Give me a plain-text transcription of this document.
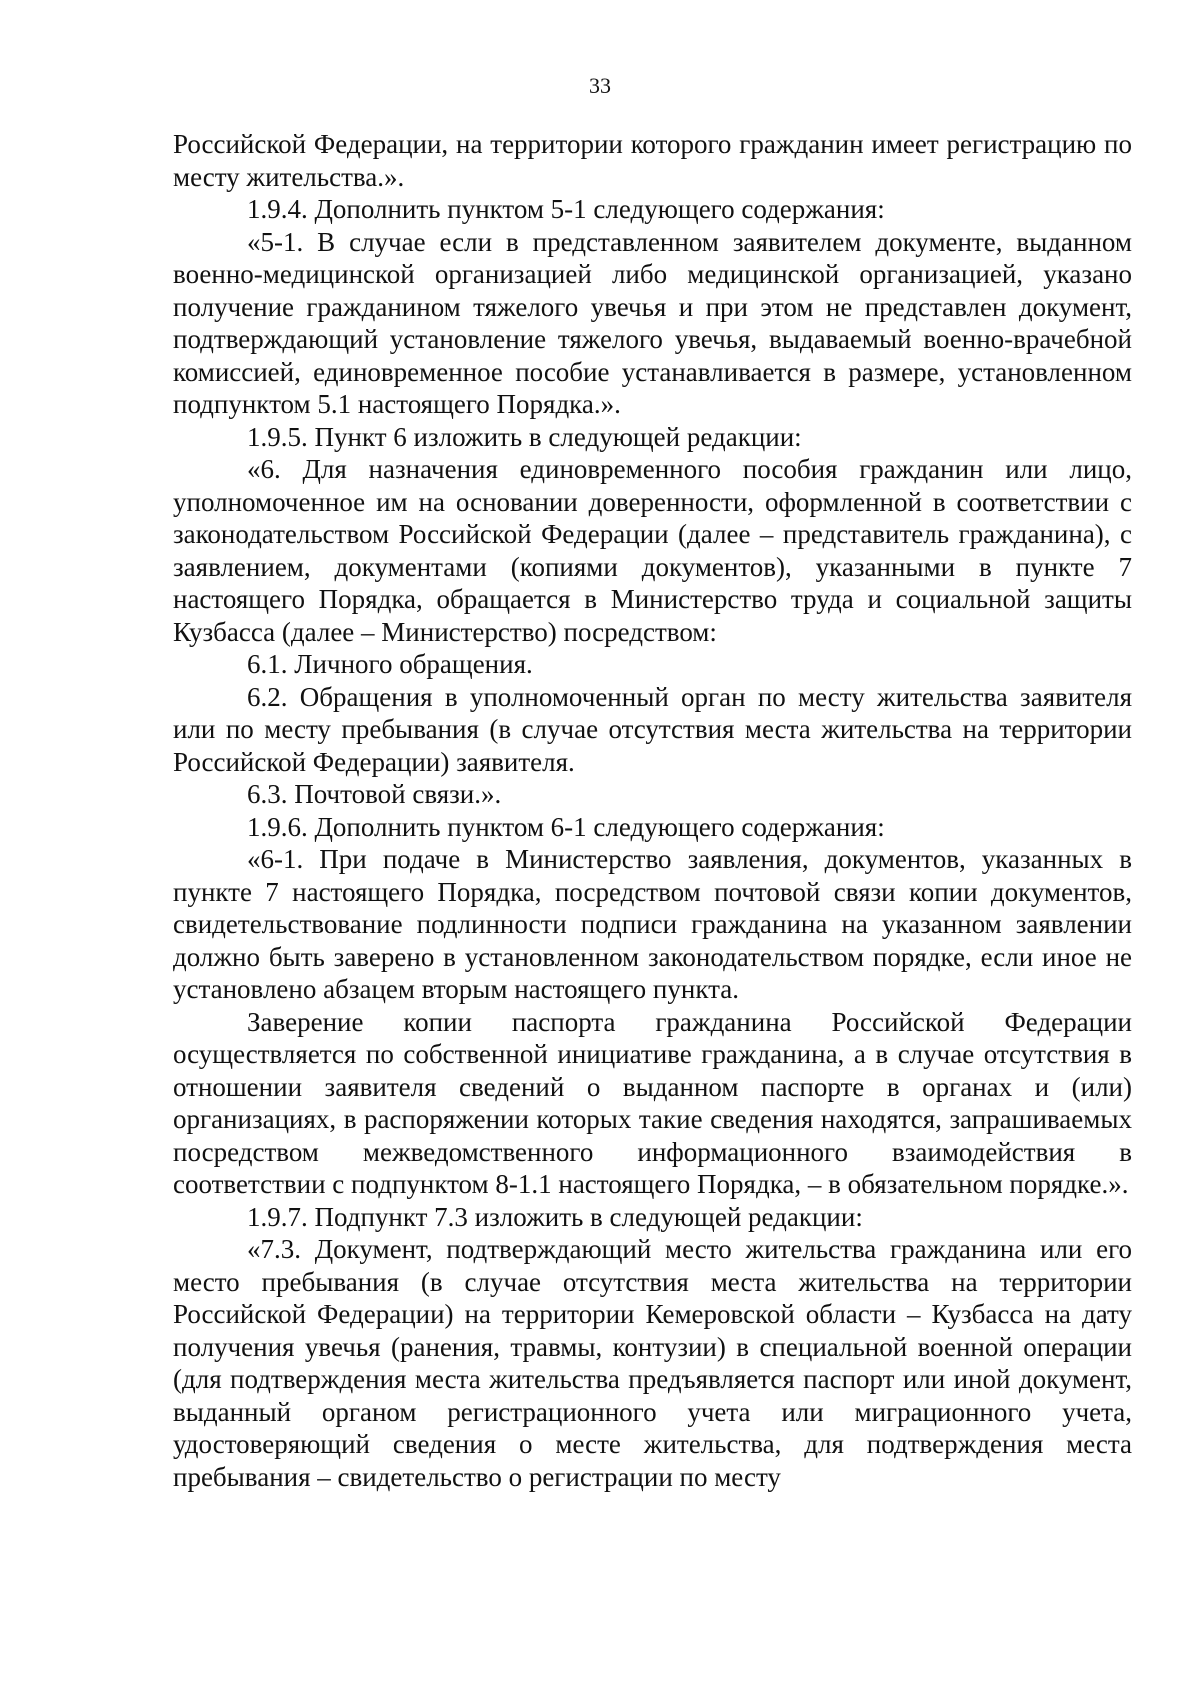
33

Российской Федерации, на территории которого гражданин имеет регистрацию по месту жительства.».

1.9.4. Дополнить пунктом 5-1 следующего содержания:

«5-1. В случае если в представленном заявителем документе, выданном военно-медицинской организацией либо медицинской организацией, указано получение гражданином тяжелого увечья и при этом не представлен документ, подтверждающий установление тяжелого увечья, выдаваемый военно-врачебной комиссией, единовременное пособие устанавливается в размере, установленном подпунктом 5.1 настоящего Порядка.».

1.9.5. Пункт 6 изложить в следующей редакции:

«6. Для назначения единовременного пособия гражданин или лицо, уполномоченное им на основании доверенности, оформленной в соответствии с законодательством Российской Федерации (далее – представитель гражданина), с заявлением, документами (копиями документов), указанными в пункте 7 настоящего Порядка, обращается в Министерство труда и социальной защиты Кузбасса (далее – Министерство) посредством:

6.1. Личного обращения.

6.2. Обращения в уполномоченный орган по месту жительства заявителя или по месту пребывания (в случае отсутствия места жительства на территории Российской Федерации) заявителя.

6.3. Почтовой связи.».

1.9.6. Дополнить пунктом 6-1 следующего содержания:

«6-1. При подаче в Министерство заявления, документов, указанных в пункте 7 настоящего Порядка, посредством почтовой связи копии документов, свидетельствование подлинности подписи гражданина на указанном заявлении должно быть заверено в установленном законодательством порядке, если иное не установлено абзацем вторым настоящего пункта.

Заверение копии паспорта гражданина Российской Федерации осуществляется по собственной инициативе гражданина, а в случае отсутствия в отношении заявителя сведений о выданном паспорте в органах и (или) организациях, в распоряжении которых такие сведения находятся, запрашиваемых посредством межведомственного информационного взаимодействия в соответствии с подпунктом 8-1.1 настоящего Порядка, – в обязательном порядке.».

1.9.7. Подпункт 7.3 изложить в следующей редакции:

«7.3. Документ, подтверждающий место жительства гражданина или его место пребывания (в случае отсутствия места жительства на территории Российской Федерации) на территории Кемеровской области – Кузбасса на дату получения увечья (ранения, травмы, контузии) в специальной военной операции (для подтверждения места жительства предъявляется паспорт или иной документ, выданный органом регистрационного учета или миграционного учета, удостоверяющий сведения о месте жительства, для подтверждения места пребывания – свидетельство о регистрации по месту
